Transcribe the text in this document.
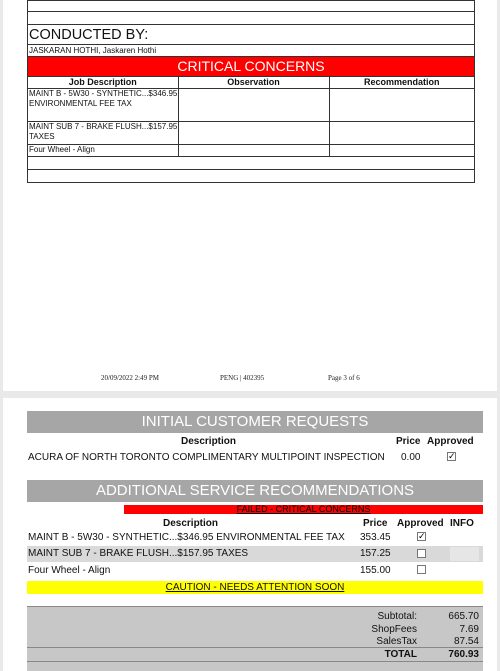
CONDUCTED BY:
JASKARAN HOTHI, Jaskaren Hothi
CRITICAL CONCERNS
Job Description	Observation	Recommendation
MAINT B - 5W30 - SYNTHETIC...$346.95 ENVIRONMENTAL FEE TAX		
MAINT SUB 7 - BRAKE FLUSH...$157.95 TAXES		
Four Wheel - Align		
20/09/2022 2:49 PM	PENG | 402395	Page 3 of 6
INITIAL CUSTOMER REQUESTS
Description	Price Approved
ACURA OF NORTH TORONTO COMPLIMENTARY MULTIPOINT INSPECTION 0.00	✓
ADDITIONAL SERVICE RECOMMENDATIONS
FAILED - CRITICAL CONCERNS
Description	Price Approved INFO
MAINT B - 5W30 - SYNTHETIC...$346.95 ENVIRONMENTAL FEE TAX 353.45	✓
MAINT SUB 7 - BRAKE FLUSH...$157.95 TAXES	157.25
Four Wheel - Align	155.00
CAUTION - NEEDS ATTENTION SOON
Subtotal:	665.70
ShopFees	7.69
SalesTax	87.54
TOTAL	760.93
